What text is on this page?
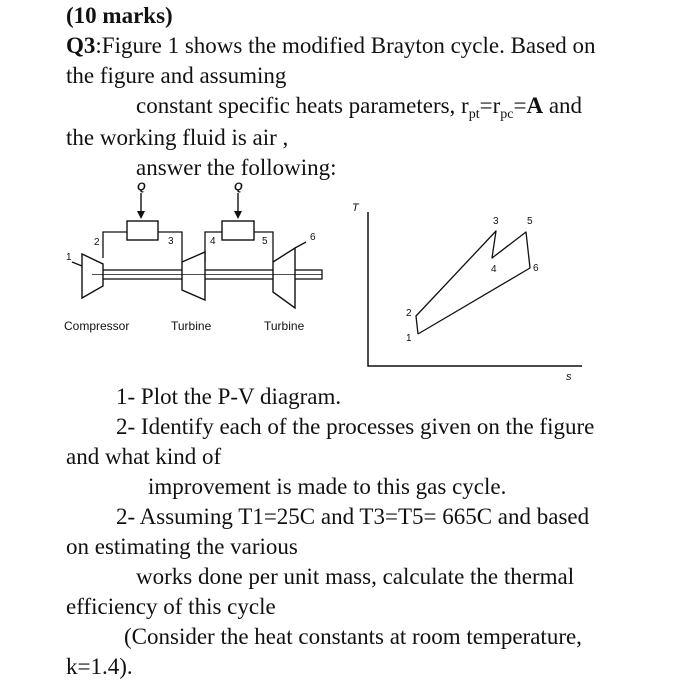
(10 marks)
Q3:Figure 1 shows the modified Brayton cycle. Based on
the figure and assuming
constant specific heats parameters, $r_{pt}=r_{pc}=A$ and
the working fluid is air ,
answer the following:
Q	Q
1
2	3	4	5	6
Compressor	Turbine	Turbine
T
s
1
2
3
4
5
6
1- Plot the P-V diagram.
2- Identify each of the processes given on the figure
and what kind of
improvement is made to this gas cycle.
2- Assuming T1=25C and T3=T5= 665C and based
on estimating the various
works done per unit mass, calculate the thermal
efficiency of this cycle
(Consider the heat constants at room temperature,
k=1.4).
